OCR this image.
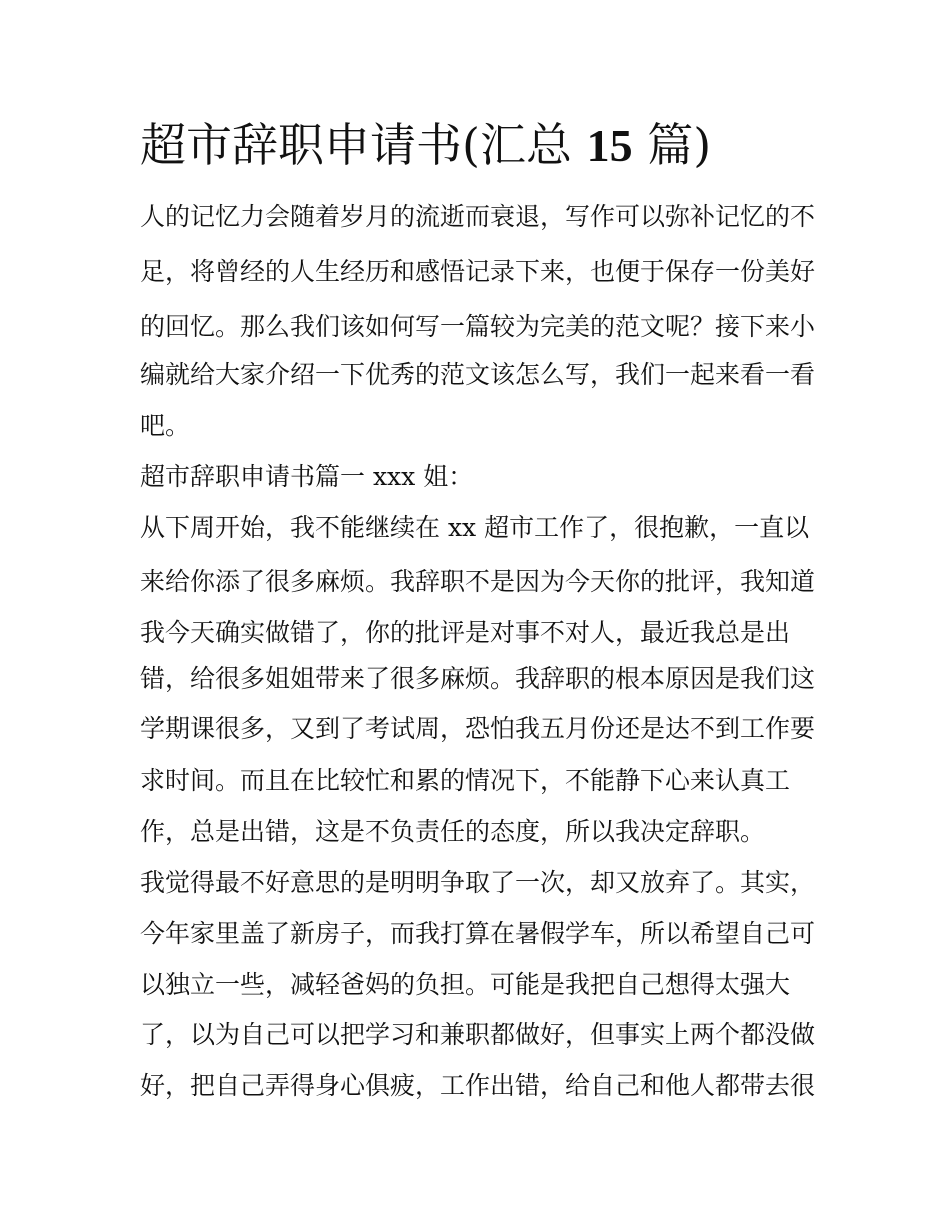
超市辞职申请书(汇总 15 篇)

人的记忆力会随着岁月的流逝而衰退，写作可以弥补记忆的不

足，将曾经的人生经历和感悟记录下来，也便于保存一份美好

的回忆。那么我们该如何写一篇较为完美的范文呢？接下来小

编就给大家介绍一下优秀的范文该怎么写，我们一起来看一看

吧。

超市辞职申请书篇一 xxx 姐：

从下周开始，我不能继续在 xx 超市工作了，很抱歉，一直以

来给你添了很多麻烦。我辞职不是因为今天你的批评，我知道

我今天确实做错了，你的批评是对事不对人，最近我总是出

错，给很多姐姐带来了很多麻烦。我辞职的根本原因是我们这

学期课很多，又到了考试周，恐怕我五月份还是达不到工作要

求时间。而且在比较忙和累的情况下，不能静下心来认真工

作，总是出错，这是不负责任的态度，所以我决定辞职。

我觉得最不好意思的是明明争取了一次，却又放弃了。其实，

今年家里盖了新房子，而我打算在暑假学车，所以希望自己可

以独立一些，减轻爸妈的负担。可能是我把自己想得太强大

了，以为自己可以把学习和兼职都做好，但事实上两个都没做

好，把自己弄得身心俱疲，工作出错，给自己和他人都带去很
